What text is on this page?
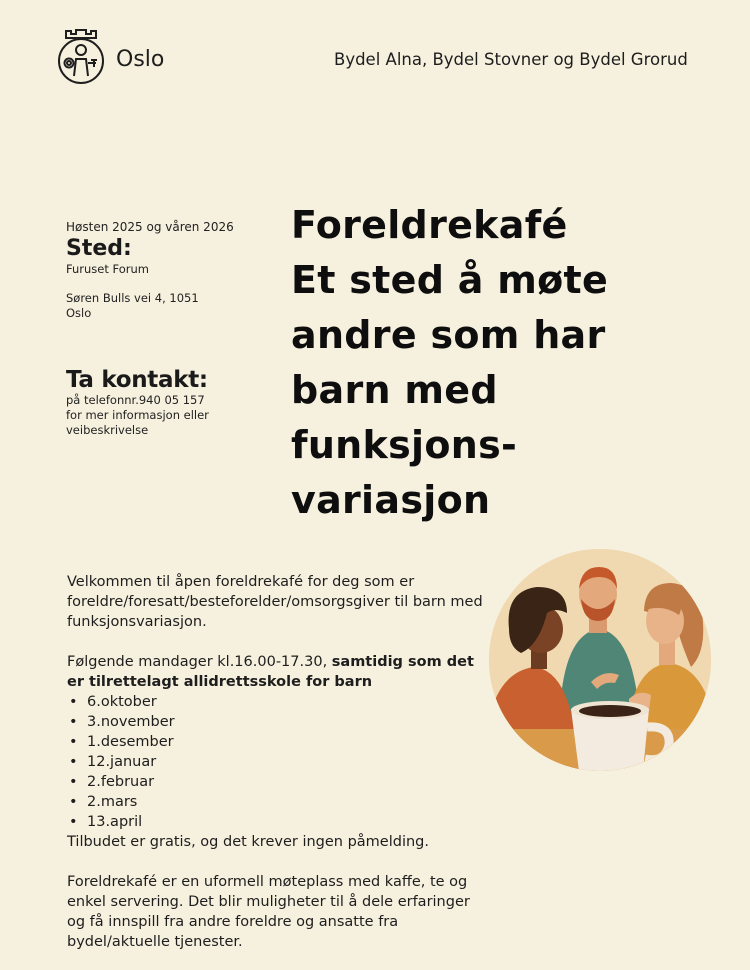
Oslo	Bydel Alna, Bydel Stovner og Bydel Grorud
Høsten 2025 og våren 2026
Sted:
Furuset Forum
Søren Bulls vei 4, 1051
Oslo
Ta kontakt:
på telefonnr.940 05 157
for mer informasjon eller
veibeskrivelse
Foreldrekafé
Et sted å møte
andre som har
barn med
funksjons-
variasjon
Velkommen til åpen foreldrekafé for deg som er foreldre/foresatt/besteforelder/omsorgsgiver til barn med funksjonsvariasjon.
Følgende mandager kl.16.00-17.30, samtidig som det er tilrettelagt allidrettsskole for barn
• 6.oktober
• 3.november
• 1.desember
• 12.januar
• 2.februar
• 2.mars
• 13.april
Tilbudet er gratis, og det krever ingen påmelding.
Foreldrekafé er en uformell møteplass med kaffe, te og enkel servering. Det blir muligheter til å dele erfaringer og få innspill fra andre foreldre og ansatte fra bydel/aktuelle tjenester.
